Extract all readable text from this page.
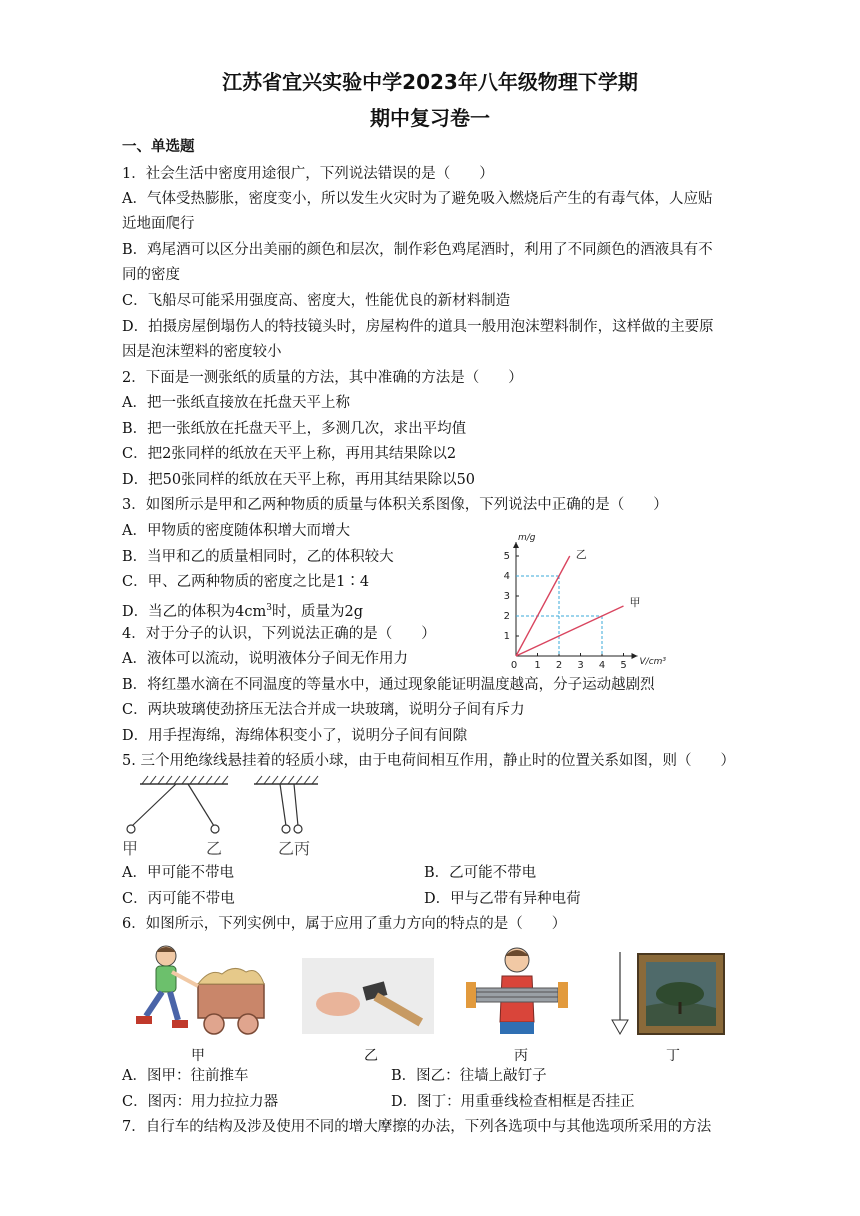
江苏省宜兴实验中学2023年八年级物理下学期
期中复习卷一
一、单选题
1．社会生活中密度用途很广，下列说法错误的是（　　）
A．气体受热膨胀，密度变小，所以发生火灾时为了避免吸入燃烧后产生的有毒气体，人应贴
近地面爬行
B．鸡尾酒可以区分出美丽的颜色和层次，制作彩色鸡尾酒时，利用了不同颜色的酒液具有不
同的密度
C．飞船尽可能采用强度高、密度大，性能优良的新材料制造
D．拍摄房屋倒塌伤人的特技镜头时，房屋构件的道具一般用泡沫塑料制作，这样做的主要原
因是泡沫塑料的密度较小
2．下面是一测张纸的质量的方法，其中准确的方法是（　　）
A．把一张纸直接放在托盘天平上称
B．把一张纸放在托盘天平上，多测几次，求出平均值
C．把2张同样的纸放在天平上称，再用其结果除以2
D．把50张同样的纸放在天平上称，再用其结果除以50
3．如图所示是甲和乙两种物质的质量与体积关系图像，下列说法中正确的是（　　）
A．甲物质的密度随体积增大而增大
B．当甲和乙的质量相同时，乙的体积较大
C．甲、乙两种物质的密度之比是1∶4
D．当乙的体积为$4cm^3$时，质量为2g
0 1 2 3 4 5
1
2
3
4
5
m/g
V/cm³
乙
甲
4．对于分子的认识，下列说法正确的是（　　）
A．液体可以流动，说明液体分子间无作用力
B．将红墨水滴在不同温度的等量水中，通过现象能证明温度越高，分子运动越剧烈
C．两块玻璃使劲挤压无法合并成一块玻璃，说明分子间有斥力
D．用手捏海绵，海绵体积变小了，说明分子间有间隙
5. 三个用绝缘线悬挂着的轻质小球，由于电荷间相互作用，静止时的位置关系如图，则（　　）
甲	乙	乙丙
A．甲可能不带电	B．乙可能不带电
C．丙可能不带电	D．甲与乙带有异种电荷
6．如图所示，下列实例中，属于应用了重力方向的特点的是（　　）
甲	乙	丙	丁
A．图甲：往前推车	B．图乙：往墙上敲钉子
C．图丙：用力拉拉力器	D．图丁：用重垂线检查相框是否挂正
7．自行车的结构及涉及使用不同的增大摩擦的办法，下列各选项中与其他选项所采用的方法
